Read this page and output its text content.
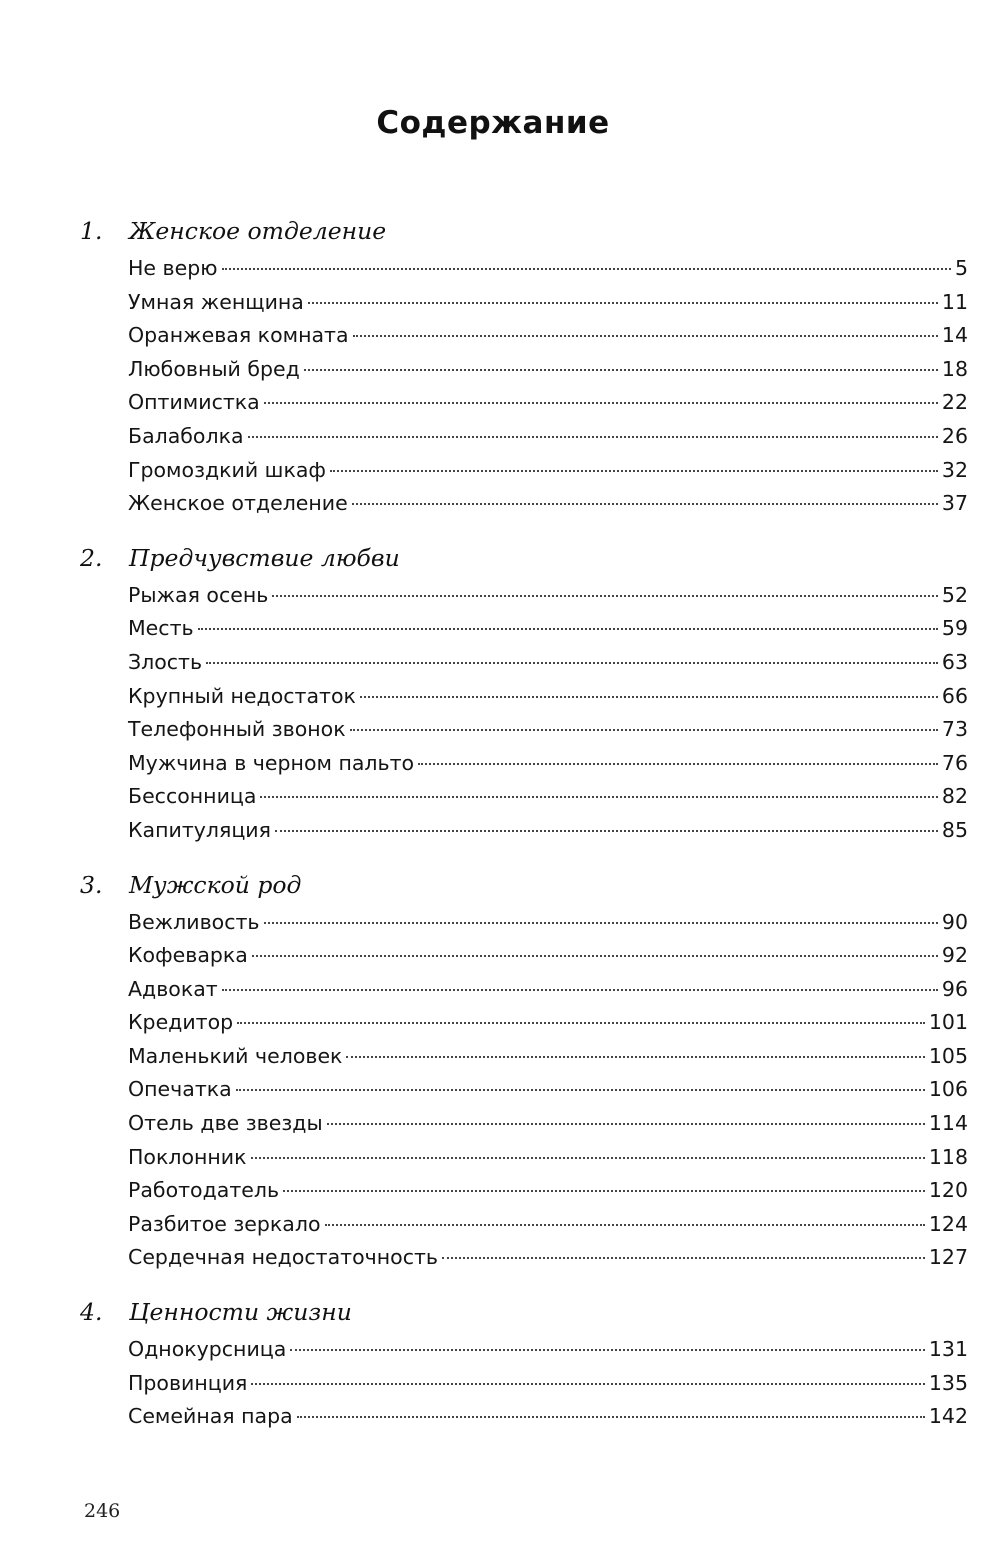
Содержание
1.	Женское отделение
Не верю	5
Умная женщина	11
Оранжевая комната	14
Любовный бред	18
Оптимистка	22
Балаболка	26
Громоздкий шкаф	32
Женское отделение	37
2.	Предчувствие любви
Рыжая осень	52
Месть	59
Злость	63
Крупный недостаток	66
Телефонный звонок	73
Мужчина в черном пальто	76
Бессонница	82
Капитуляция	85
3.	Мужской род
Вежливость	90
Кофеварка	92
Адвокат	96
Кредитор	101
Маленький человек	105
Опечатка	106
Отель две звезды	114
Поклонник	118
Работодатель	120
Разбитое зеркало	124
Сердечная недостаточность	127
4.	Ценности жизни
Однокурсница	131
Провинция	135
Семейная пара	142
246
